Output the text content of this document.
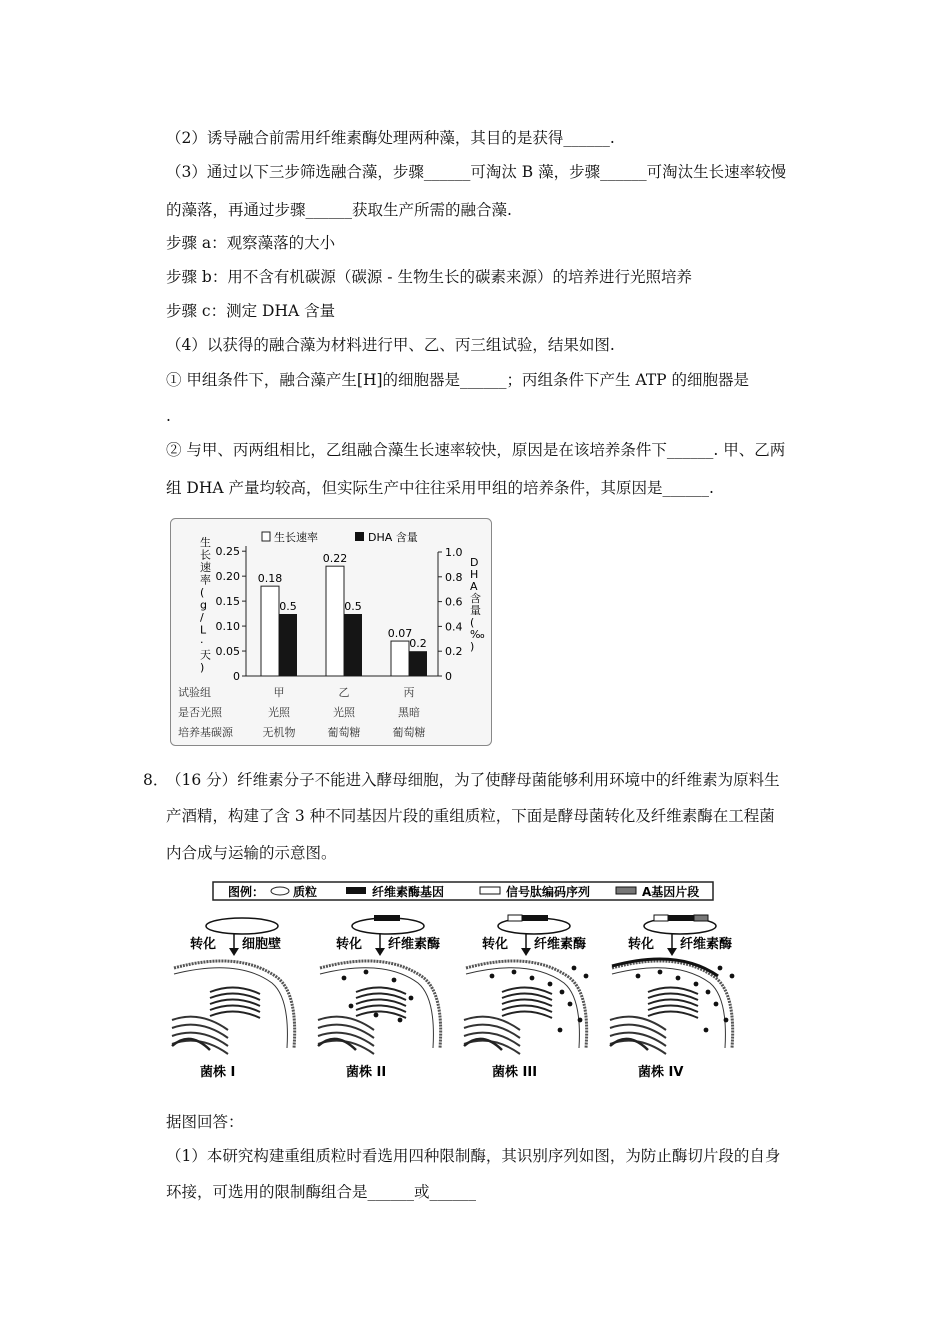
（2）诱导融合前需用纤维素酶处理两种藻，其目的是获得______.
（3）通过以下三步筛选融合藻，步骤______可淘汰 B 藻，步骤______可淘汰生长速率较慢
的藻落，再通过步骤______获取生产所需的融合藻.
步骤 a：观察藻落的大小
步骤 b：用不含有机碳源（碳源 - 生物生长的碳素来源）的培养进行光照培养
步骤 c：测定 DHA 含量
（4）以获得的融合藻为材料进行甲、乙、丙三组试验，结果如图.
① 甲组条件下，融合藻产生[H]的细胞器是______；丙组条件下产生 ATP 的细胞器是
.
② 与甲、丙两组相比，乙组融合藻生长速率较快，原因是在该培养条件下______. 甲、乙两
组 DHA 产量均较高，但实际生产中往往采用甲组的培养条件，其原因是______.
0
0.05
0.10
0.15
0.20
0.25
0
0.2
0.4
0.6
0.8
1.0
生长速率( g / L ·天)
D H A 含量( ‰ )
生长速率	DHA 含量
0.18
0.5
0.22
0.5
0.07
0.2
试验组	甲	乙	丙
是否光照	光照	光照	黑暗
培养基碳源	无机物	葡萄糖	葡萄糖
8．
（16 分）纤维素分子不能进入酵母细胞，为了使酵母菌能够利用环境中的纤维素为原料生
产酒精，构建了含 3 种不同基因片段的重组质粒，下面是酵母菌转化及纤维素酶在工程菌
内合成与运输的示意图。
图例： 质粒	纤维素酶基因	信号肽编码序列	A基因片段
转化 细胞壁
菌株 I
转化 纤维素酶
菌株 II
转化 纤维素酶
菌株 III
转化 纤维素酶
菌株 IV
据图回答：
（1）本研究构建重组质粒时看选用四种限制酶，其识别序列如图，为防止酶切片段的自身
环接，可选用的限制酶组合是______或______
